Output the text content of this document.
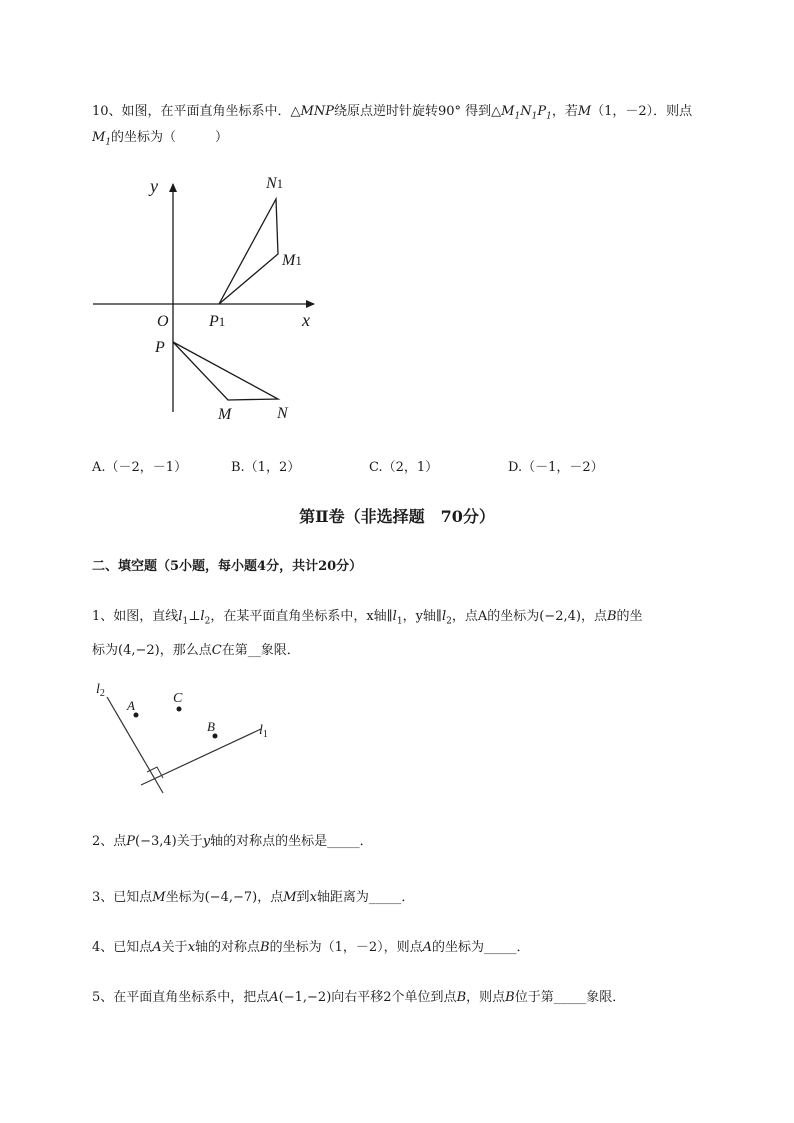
10、如图，在平面直角坐标系中．△MNP绕原点逆时针旋转90° 得到$\triangle M_1N_1P_1$，若M（1，－2）．则点
$M_1$的坐标为（　　　）
y
x
O	P1
N1
M1
P
M	N
$l_2$
$l_1$
A	C
B
A.（－2，－1）	B.（1，2）	C.（2，1）	D.（－1，－2）
第Ⅱ卷（非选择题　70分）
二、填空题（5小题，每小题4分，共计20分）
1、如图，直线$l_1\perp l_2$，在某平面直角坐标系中，x轴$\parallel l_1$，y轴$\parallel l_2$，点A的坐标为(−2,4)，点B的坐
标为(4,−2)，那么点C在第__象限．
2、点P(−3,4)关于y轴的对称点的坐标是_____．
3、已知点M坐标为(−4,−7)，点M到x轴距离为_____．
4、已知点A关于x轴的对称点B的坐标为（1，－2），则点A的坐标为_____．
5、在平面直角坐标系中，把点A(−1,−2)向右平移2个单位到点B，则点B位于第_____象限．
